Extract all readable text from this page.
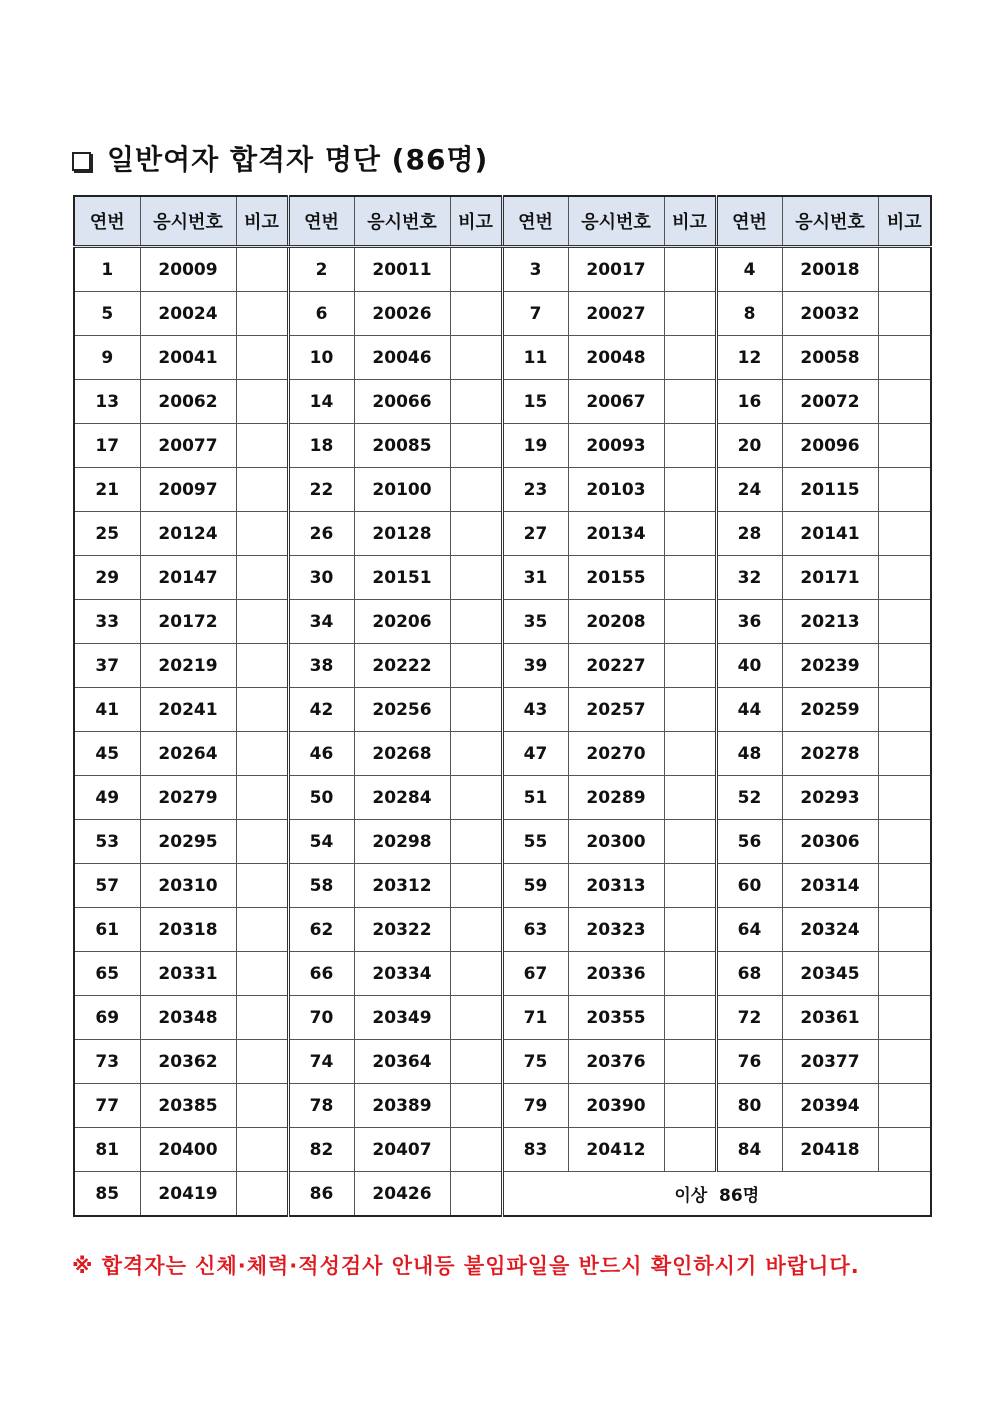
일반여자 합격자 명단 (86명)
연번	응시번호	비고	연번	응시번호	비고	연번	응시번호	비고	연번	응시번호	비고
1	20009		2	20011		3	20017		4	20018	
5	20024		6	20026		7	20027		8	20032	
9	20041		10	20046		11	20048		12	20058	
13	20062		14	20066		15	20067		16	20072	
17	20077		18	20085		19	20093		20	20096	
21	20097		22	20100		23	20103		24	20115	
25	20124		26	20128		27	20134		28	20141	
29	20147		30	20151		31	20155		32	20171	
33	20172		34	20206		35	20208		36	20213	
37	20219		38	20222		39	20227		40	20239	
41	20241		42	20256		43	20257		44	20259	
45	20264		46	20268		47	20270		48	20278	
49	20279		50	20284		51	20289		52	20293	
53	20295		54	20298		55	20300		56	20306	
57	20310		58	20312		59	20313		60	20314	
61	20318		62	20322		63	20323		64	20324	
65	20331		66	20334		67	20336		68	20345	
69	20348		70	20349		71	20355		72	20361	
73	20362		74	20364		75	20376		76	20377	
77	20385		78	20389		79	20390		80	20394	
81	20400		82	20407		83	20412		84	20418	
85	20419		86	20426		이상  86명					
※ 합격자는 신체·체력·적성검사 안내등 붙임파일을 반드시 확인하시기 바랍니다.
